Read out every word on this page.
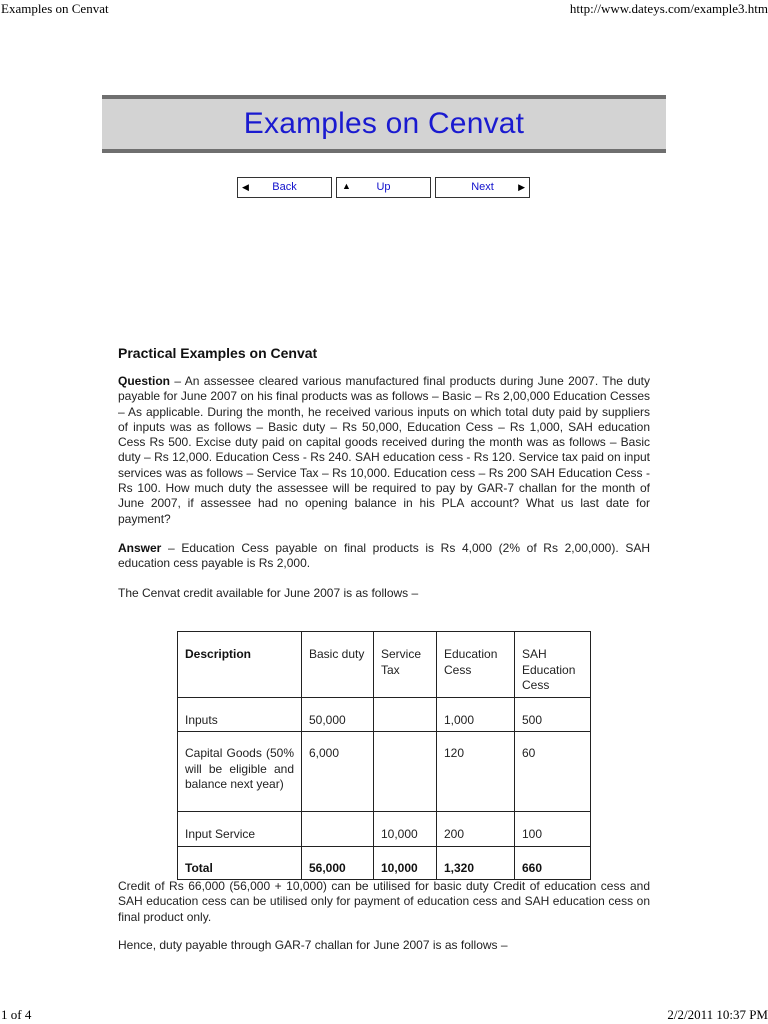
Examples on Cenvat	http://www.dateys.com/example3.htm
Examples on Cenvat
◀	Back	▲	Up	▶
Next
Practical Examples on Cenvat

Question – An assessee cleared various manufactured final products during June 2007. The duty payable for June 2007 on his final products was as follows – Basic – Rs 2,00,000 Education Cesses – As applicable. During the month, he received various inputs on which total duty paid by suppliers of inputs was as follows – Basic duty – Rs 50,000, Education Cess – Rs 1,000, SAH education Cess Rs 500. Excise duty paid on capital goods received during the month was as follows – Basic duty – Rs 12,000. Education Cess - Rs 240. SAH education cess - Rs 120. Service tax paid on input services was as follows – Service Tax – Rs 10,000. Education cess – Rs 200 SAH Education Cess - Rs 100. How much duty the assessee will be required to pay by GAR-7 challan for the month of June 2007, if assessee had no opening balance in his PLA account? What us last date for payment?

Answer – Education Cess payable on final products is Rs 4,000 (2% of Rs 2,00,000). SAH education cess payable is Rs 2,000.

The Cenvat credit available for June 2007 is as follows –

Description	Basic duty	Service Tax	Education Cess	SAH Education Cess
Inputs	50,000		1,000	500
Capital Goods (50% will be eligible and balance next year)	6,000		120	60
Input Service		10,000	200	100
Total	56,000	10,000	1,320	660

Credit of Rs 66,000 (56,000 + 10,000) can be utilised for basic duty Credit of education cess and SAH education cess can be utilised only for payment of education cess and SAH education cess on final product only.

Hence, duty payable through GAR-7 challan for June 2007 is as follows –

1 of 4	2/2/2011 10:37 PM
